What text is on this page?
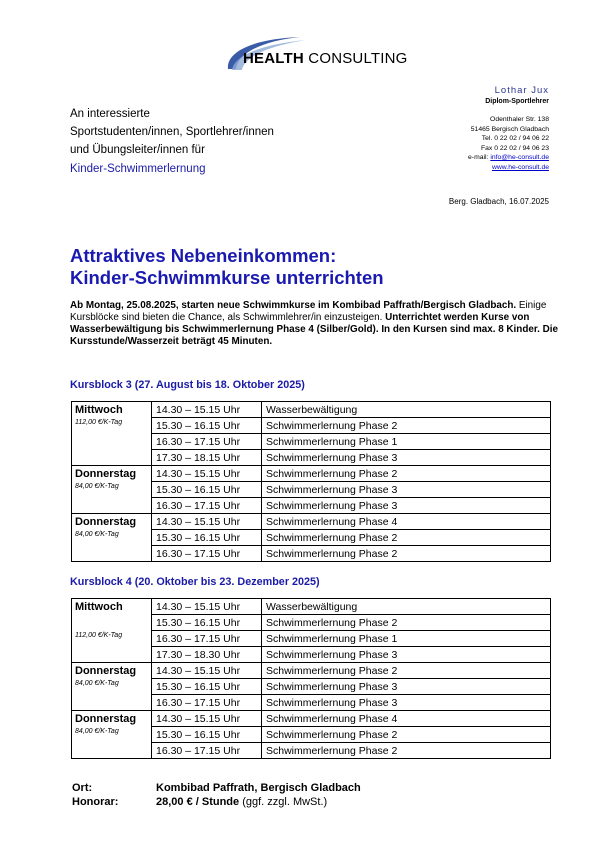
HEALTH CONSULTING
Lothar Jux
Diplom-Sportlehrer
Odenthaler Str. 138
51465 Bergisch Gladbach
Tel. 0 22 02 / 94 06 22
Fax 0 22 02 / 94 06 23
e-mail: info@he-consult.de
www.he-consult.de
An interessierte
Sportstudenten/innen, Sportlehrer/innen
und Übungsleiter/innen für
Kinder-Schwimmerlernung
Berg. Gladbach, 16.07.2025
Attraktives Nebeneinkommen:
Kinder-Schwimmkurse unterrichten
Ab Montag, 25.08.2025, starten neue Schwimmkurse im Kombibad Paffrath/Bergisch Gladbach. Einige Kursblöcke sind bieten die Chance, als Schwimmlehrer/in einzusteigen. Unterrichtet werden Kurse von Wasserbewältigung bis Schwimmerlernung Phase 4 (Silber/Gold). In den Kursen sind max. 8 Kinder. Die Kursstunde/Wasserzeit beträgt 45 Minuten.
Kursblock 3 (27. August bis 18. Oktober 2025)
Mittwoch	14.30 – 15.15 Uhr	Wasserbewältigung
112,00 €/K-Tag	15.30 – 16.15 Uhr	Schwimmerlernung Phase 2
	16.30 – 17.15 Uhr	Schwimmerlernung Phase 1
	17.30 – 18.15 Uhr	Schwimmerlernung Phase 3
Donnerstag	14.30 – 15.15 Uhr	Schwimmerlernung Phase 2
84,00 €/K-Tag	15.30 – 16.15 Uhr	Schwimmerlernung Phase 3
	16.30 – 17.15 Uhr	Schwimmerlernung Phase 3
Donnerstag	14.30 – 15.15 Uhr	Schwimmerlernung Phase 4
84,00 €/K-Tag	15.30 – 16.15 Uhr	Schwimmerlernung Phase 2
	16.30 – 17.15 Uhr	Schwimmerlernung Phase 2
Kursblock 4 (20. Oktober bis 23. Dezember 2025)
Mittwoch	14.30 – 15.15 Uhr	Wasserbewältigung
	15.30 – 16.15 Uhr	Schwimmerlernung Phase 2
112,00 €/K-Tag	16.30 – 17.15 Uhr	Schwimmerlernung Phase 1
	17.30 – 18.30 Uhr	Schwimmerlernung Phase 3
Donnerstag	14.30 – 15.15 Uhr	Schwimmerlernung Phase 2
84,00 €/K-Tag	15.30 – 16.15 Uhr	Schwimmerlernung Phase 3
	16.30 – 17.15 Uhr	Schwimmerlernung Phase 3
Donnerstag	14.30 – 15.15 Uhr	Schwimmerlernung Phase 4
84,00 €/K-Tag	15.30 – 16.15 Uhr	Schwimmerlernung Phase 2
	16.30 – 17.15 Uhr	Schwimmerlernung Phase 2
Ort:	Kombibad Paffrath, Bergisch Gladbach
Honorar:	28,00 € / Stunde (ggf. zzgl. MwSt.)
